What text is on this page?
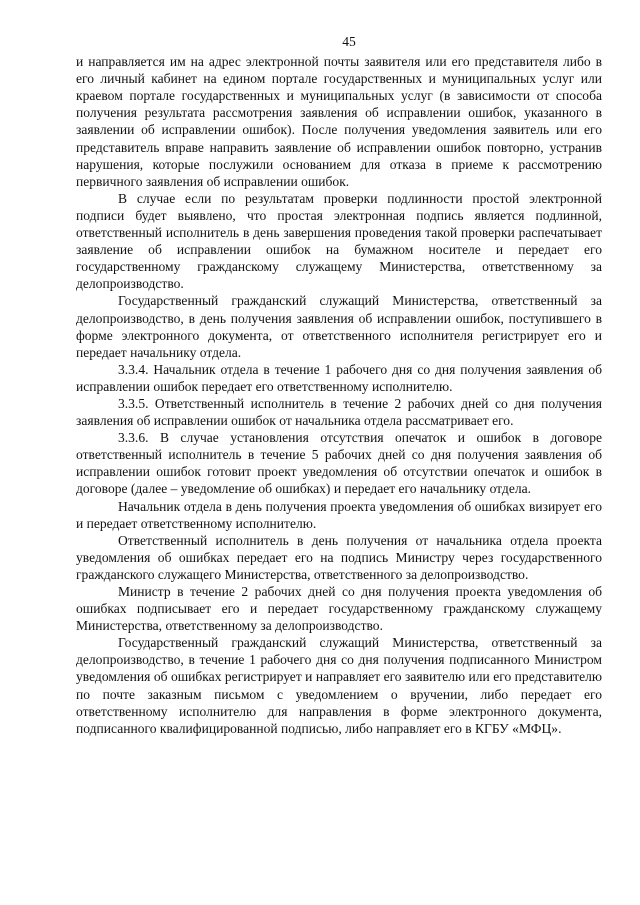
45

и направляется им на адрес электронной почты заявителя или его представителя либо в его личный кабинет на едином портале государственных и муниципальных услуг или краевом портале государственных и муниципальных услуг (в зависимости от способа получения результата рассмотрения заявления об исправлении ошибок, указанного в заявлении об исправлении ошибок). После получения уведомления заявитель или его представитель вправе направить заявление об исправлении ошибок повторно, устранив нарушения, которые послужили основанием для отказа в приеме к рассмотрению первичного заявления об исправлении ошибок.

В случае если по результатам проверки подлинности простой электронной подписи будет выявлено, что простая электронная подпись является подлинной, ответственный исполнитель в день завершения проведения такой проверки распечатывает заявление об исправлении ошибок на бумажном носителе и передает его государственному гражданскому служащему Министерства, ответственному за делопроизводство.

Государственный гражданский служащий Министерства, ответственный за делопроизводство, в день получения заявления об исправлении ошибок, поступившего в форме электронного документа, от ответственного исполнителя регистрирует его и передает начальнику отдела.

3.3.4. Начальник отдела в течение 1 рабочего дня со дня получения заявления об исправлении ошибок передает его ответственному исполнителю.

3.3.5. Ответственный исполнитель в течение 2 рабочих дней со дня получения заявления об исправлении ошибок от начальника отдела рассматривает его.

3.3.6. В случае установления отсутствия опечаток и ошибок в договоре ответственный исполнитель в течение 5 рабочих дней со дня получения заявления об исправлении ошибок готовит проект уведомления об отсутствии опечаток и ошибок в договоре (далее – уведомление об ошибках) и передает его начальнику отдела.

Начальник отдела в день получения проекта уведомления об ошибках визирует его и передает ответственному исполнителю.

Ответственный исполнитель в день получения от начальника отдела проекта уведомления об ошибках передает его на подпись Министру через государственного гражданского служащего Министерства, ответственного за делопроизводство.

Министр в течение 2 рабочих дней со дня получения проекта уведомления об ошибках подписывает его и передает государственному гражданскому служащему Министерства, ответственному за делопроизводство.

Государственный гражданский служащий Министерства, ответственный за делопроизводство, в течение 1 рабочего дня со дня получения подписанного Министром уведомления об ошибках регистрирует и направляет его заявителю или его представителю по почте заказным письмом с уведомлением о вручении, либо передает его ответственному исполнителю для направления в форме электронного документа, подписанного квалифицированной подписью, либо направляет его в КГБУ «МФЦ».
